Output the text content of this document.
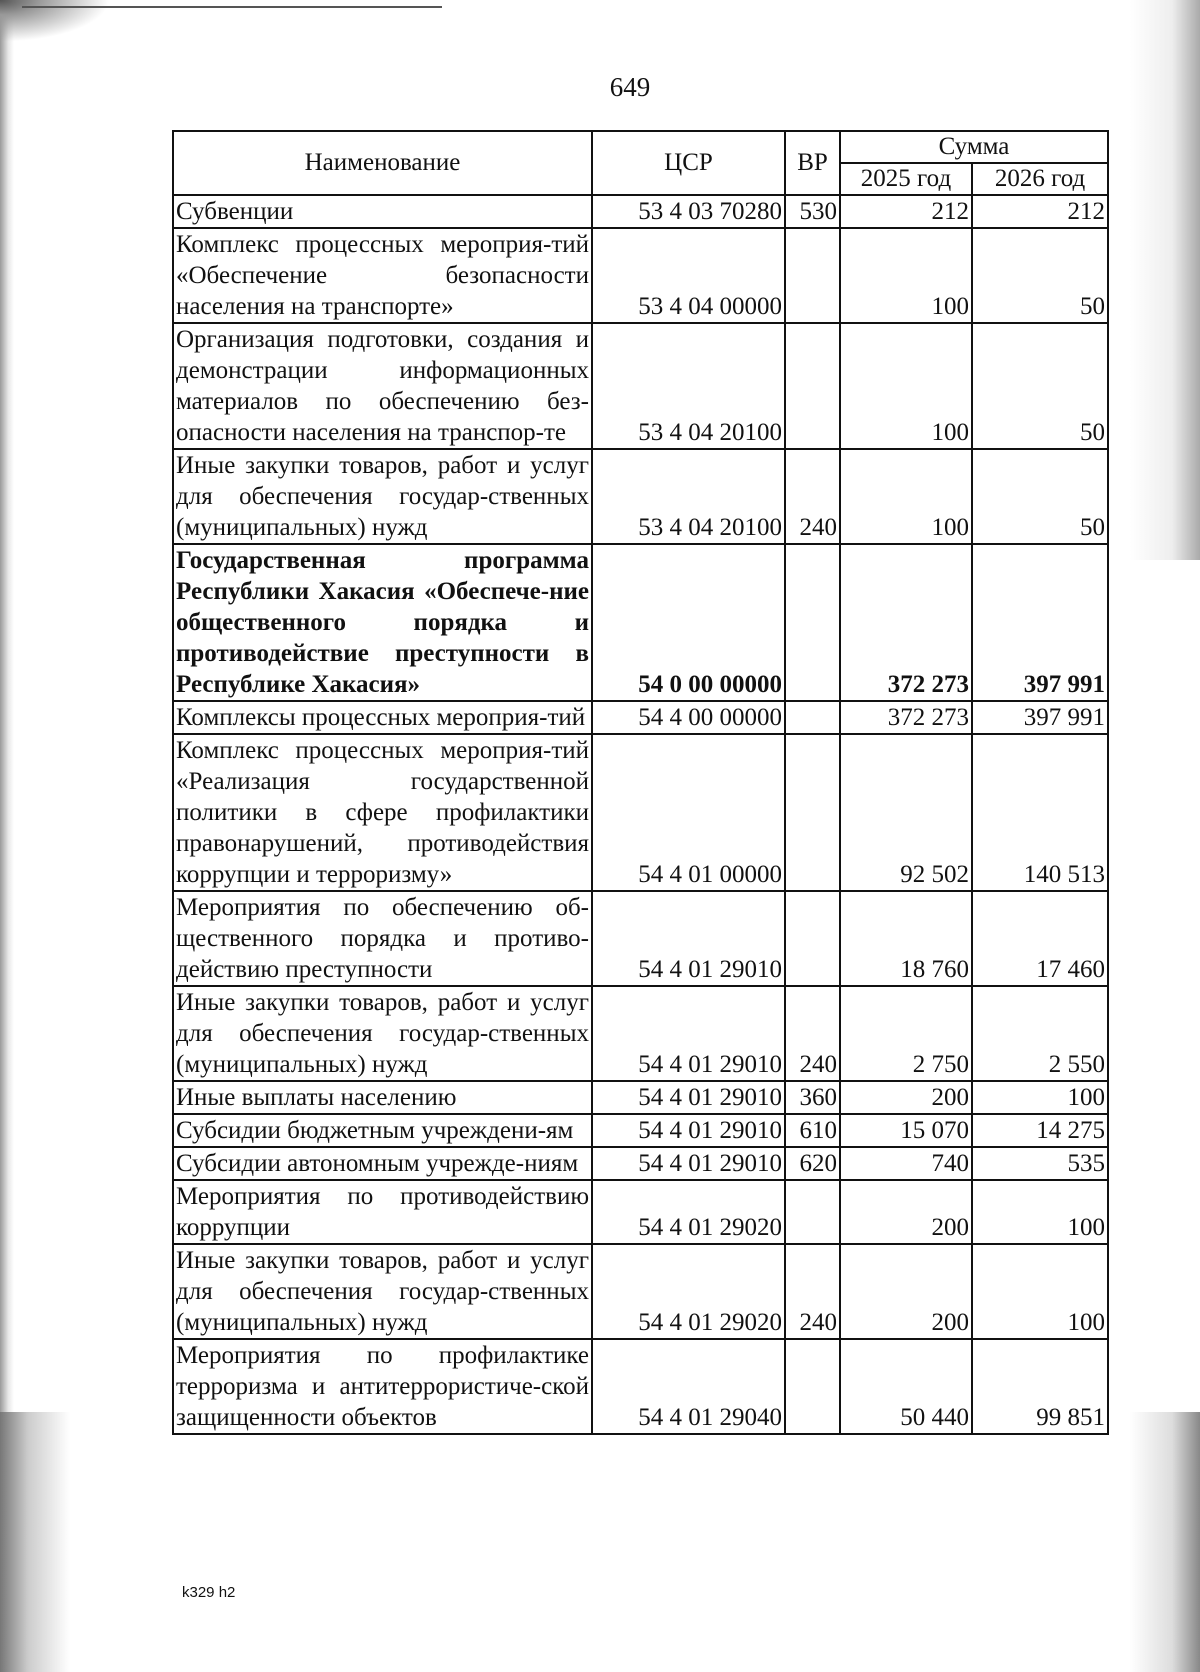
649
Наименование	ЦСР	ВР	Сумма	
			2025 год	2026 год
Субвенции	53 4 03 70280	530	212	212
Комплекс процессных мероприя-тий «Обеспечение безопасности населения на транспорте»	53 4 04 00000		100	50
Организация подготовки, создания и демонстрации информационных материалов по обеспечению без-опасности населения на транспор-те	53 4 04 20100		100	50
Иные закупки товаров, работ и услуг для обеспечения государ-ственных (муниципальных) нужд	53 4 04 20100	240	100	50
Государственная программа Республики Хакасия «Обеспече-ние общественного порядка и противодействие преступности в Республике Хакасия»	54 0 00 00000		372 273	397 991
Комплексы процессных мероприя-тий	54 4 00 00000		372 273	397 991
Комплекс процессных мероприя-тий «Реализация государственной политики в сфере профилактики правонарушений, противодействия коррупции и терроризму»	54 4 01 00000		92 502	140 513
Мероприятия по обеспечению об-щественного порядка и противо-действию преступности	54 4 01 29010		18 760	17 460
Иные закупки товаров, работ и услуг для обеспечения государ-ственных (муниципальных) нужд	54 4 01 29010	240	2 750	2 550
Иные выплаты населению	54 4 01 29010	360	200	100
Субсидии бюджетным учреждени-ям	54 4 01 29010	610	15 070	14 275
Субсидии автономным учрежде-ниям	54 4 01 29010	620	740	535
Мероприятия по противодействию коррупции	54 4 01 29020		200	100
Иные закупки товаров, работ и услуг для обеспечения государ-ственных (муниципальных) нужд	54 4 01 29020	240	200	100
Мероприятия по профилактике терроризма и антитеррористиче-ской защищенности объектов	54 4 01 29040		50 440	99 851
k329 h2
